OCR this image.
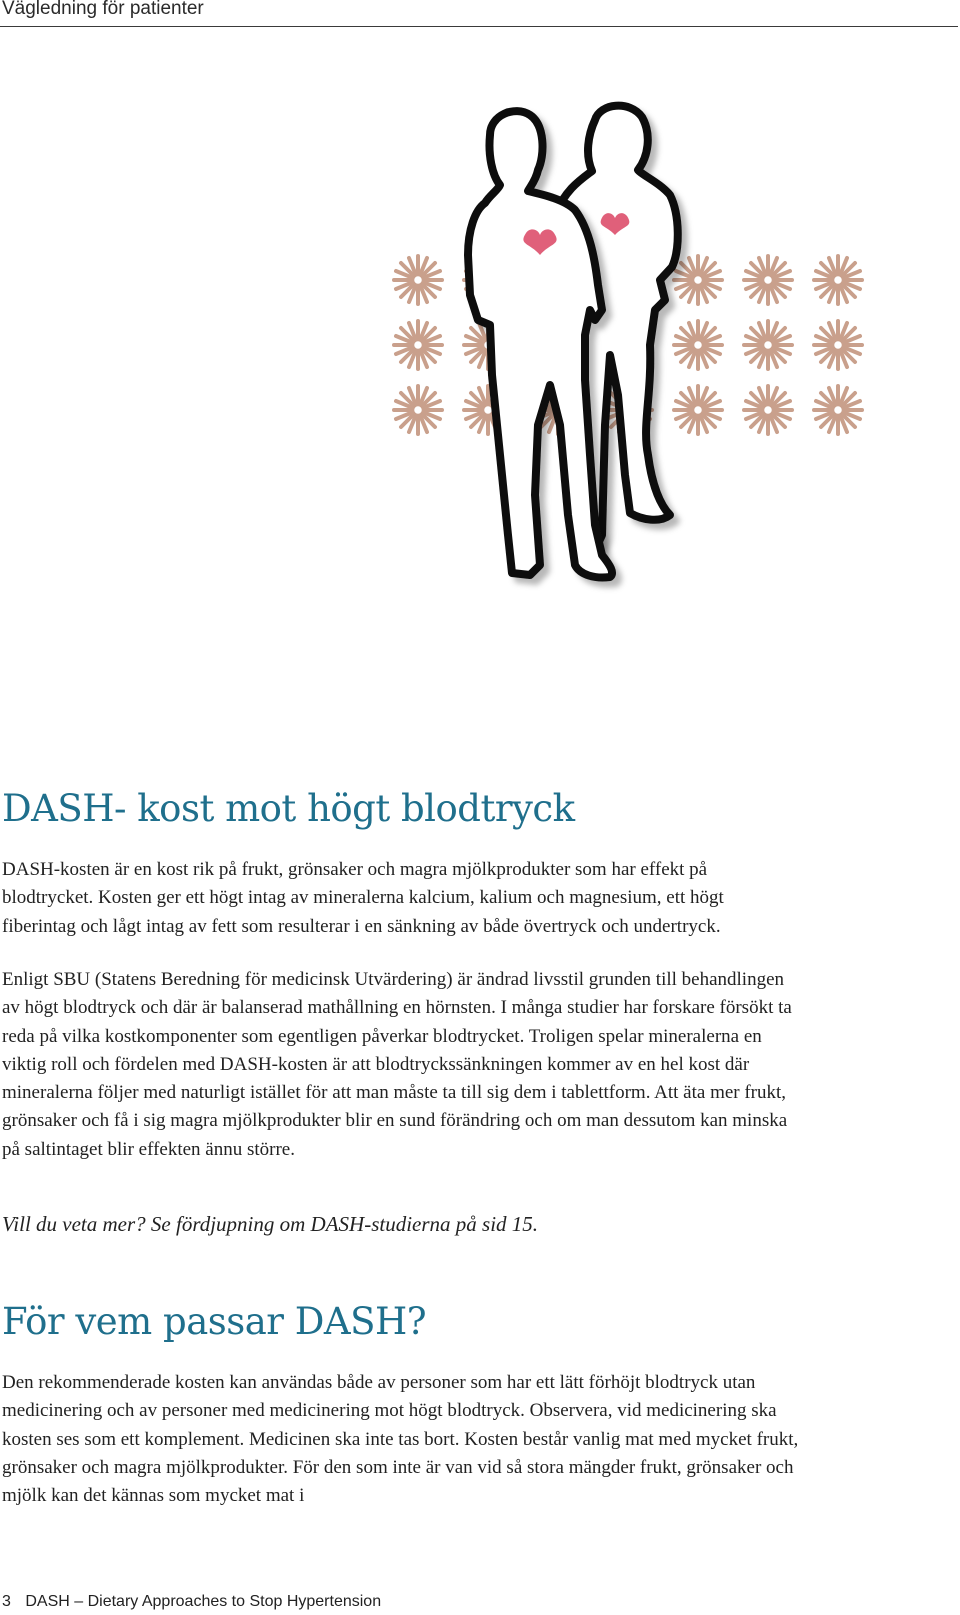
Vägledning för patienter
DASH- kost mot högt blodtryck

DASH-kosten är en kost rik på frukt, grönsaker och magra mjölkprodukter som har effekt på blodtrycket. Kosten ger ett högt intag av mineralerna kalcium, kalium och magnesium, ett högt fiberintag och lågt intag av fett som resulterar i en sänkning av både övertryck och undertryck.

Enligt SBU (Statens Beredning för medicinsk Utvärdering) är ändrad livsstil grunden till behandlingen av högt blodtryck och där är balanserad mathållning en hörnsten. I många studier har forskare försökt ta reda på vilka kostkomponenter som egentligen påverkar blodtrycket. Troligen spelar mineralerna en viktig roll och fördelen med DASH-kosten är att blodtryckssänkningen kommer av en hel kost där mineralerna följer med naturligt istället för att man måste ta till sig dem i tablettform. Att äta mer frukt, grönsaker och få i sig magra mjölkprodukter blir en sund förändring och om man dessutom kan minska på saltintaget blir effekten ännu större.

Vill du veta mer? Se fördjupning om DASH-studierna på sid 15.

För vem passar DASH?

Den rekommenderade kosten kan användas både av personer som har ett lätt förhöjt blodtryck utan medicinering och av personer med medicinering mot högt blodtryck. Observera, vid medicinering ska kosten ses som ett komplement. Medicinen ska inte tas bort. Kosten består vanlig mat med mycket frukt, grönsaker och magra mjölkprodukter. För den som inte är van vid så stora mängder frukt, grönsaker och mjölk kan det kännas som mycket mat i

3 DASH – Dietary Approaches to Stop Hypertension
